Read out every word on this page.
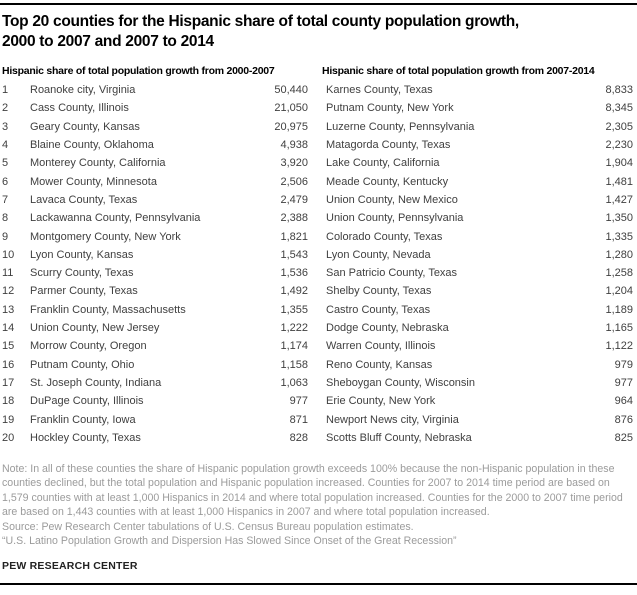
Top 20 counties for the Hispanic share of total county population growth,
2000 to 2007 and 2007 to 2014
Hispanic share of total population growth from 2000-2007	Hispanic share of total population growth from 2007-2014
1	Roanoke city, Virginia	50,440 Karnes County, Texas	8,833
2	Cass County, Illinois	21,050 Putnam County, New York	8,345
3	Geary County, Kansas	20,975 Luzerne County, Pennsylvania	2,305
4	Blaine County, Oklahoma	4,938 Matagorda County, Texas	2,230
5	Monterey County, California	3,920 Lake County, California	1,904
6	Mower County, Minnesota	2,506 Meade County, Kentucky	1,481
7	Lavaca County, Texas	2,479 Union County, New Mexico	1,427
8	Lackawanna County, Pennsylvania	2,388 Union County, Pennsylvania	1,350
9	Montgomery County, New York	1,821 Colorado County, Texas	1,335
10	Lyon County, Kansas	1,543 Lyon County, Nevada	1,280
11	Scurry County, Texas	1,536 San Patricio County, Texas	1,258
12	Parmer County, Texas	1,492 Shelby County, Texas	1,204
13	Franklin County, Massachusetts	1,355 Castro County, Texas	1,189
14	Union County, New Jersey	1,222 Dodge County, Nebraska	1,165
15	Morrow County, Oregon	1,174 Warren County, Illinois	1,122
16	Putnam County, Ohio	1,158 Reno County, Kansas	979
17	St. Joseph County, Indiana	1,063 Sheboygan County, Wisconsin	977
18	DuPage County, Illinois	977 Erie County, New York	964
19	Franklin County, Iowa	871 Newport News city, Virginia	876
20	Hockley County, Texas	828 Scotts Bluff County, Nebraska	825
Note: In all of these counties the share of Hispanic population growth exceeds 100% because the non-Hispanic population in these counties declined, but the total population and Hispanic population increased. Counties for 2007 to 2014 time period are based on 1,579 counties with at least 1,000 Hispanics in 2014 and where total population increased. Counties for the 2000 to 2007 time period are based on 1,443 counties with at least 1,000 Hispanics in 2007 and where total population increased.
Source: Pew Research Center tabulations of U.S. Census Bureau population estimates.
“U.S. Latino Population Growth and Dispersion Has Slowed Since Onset of the Great Recession”
PEW RESEARCH CENTER
